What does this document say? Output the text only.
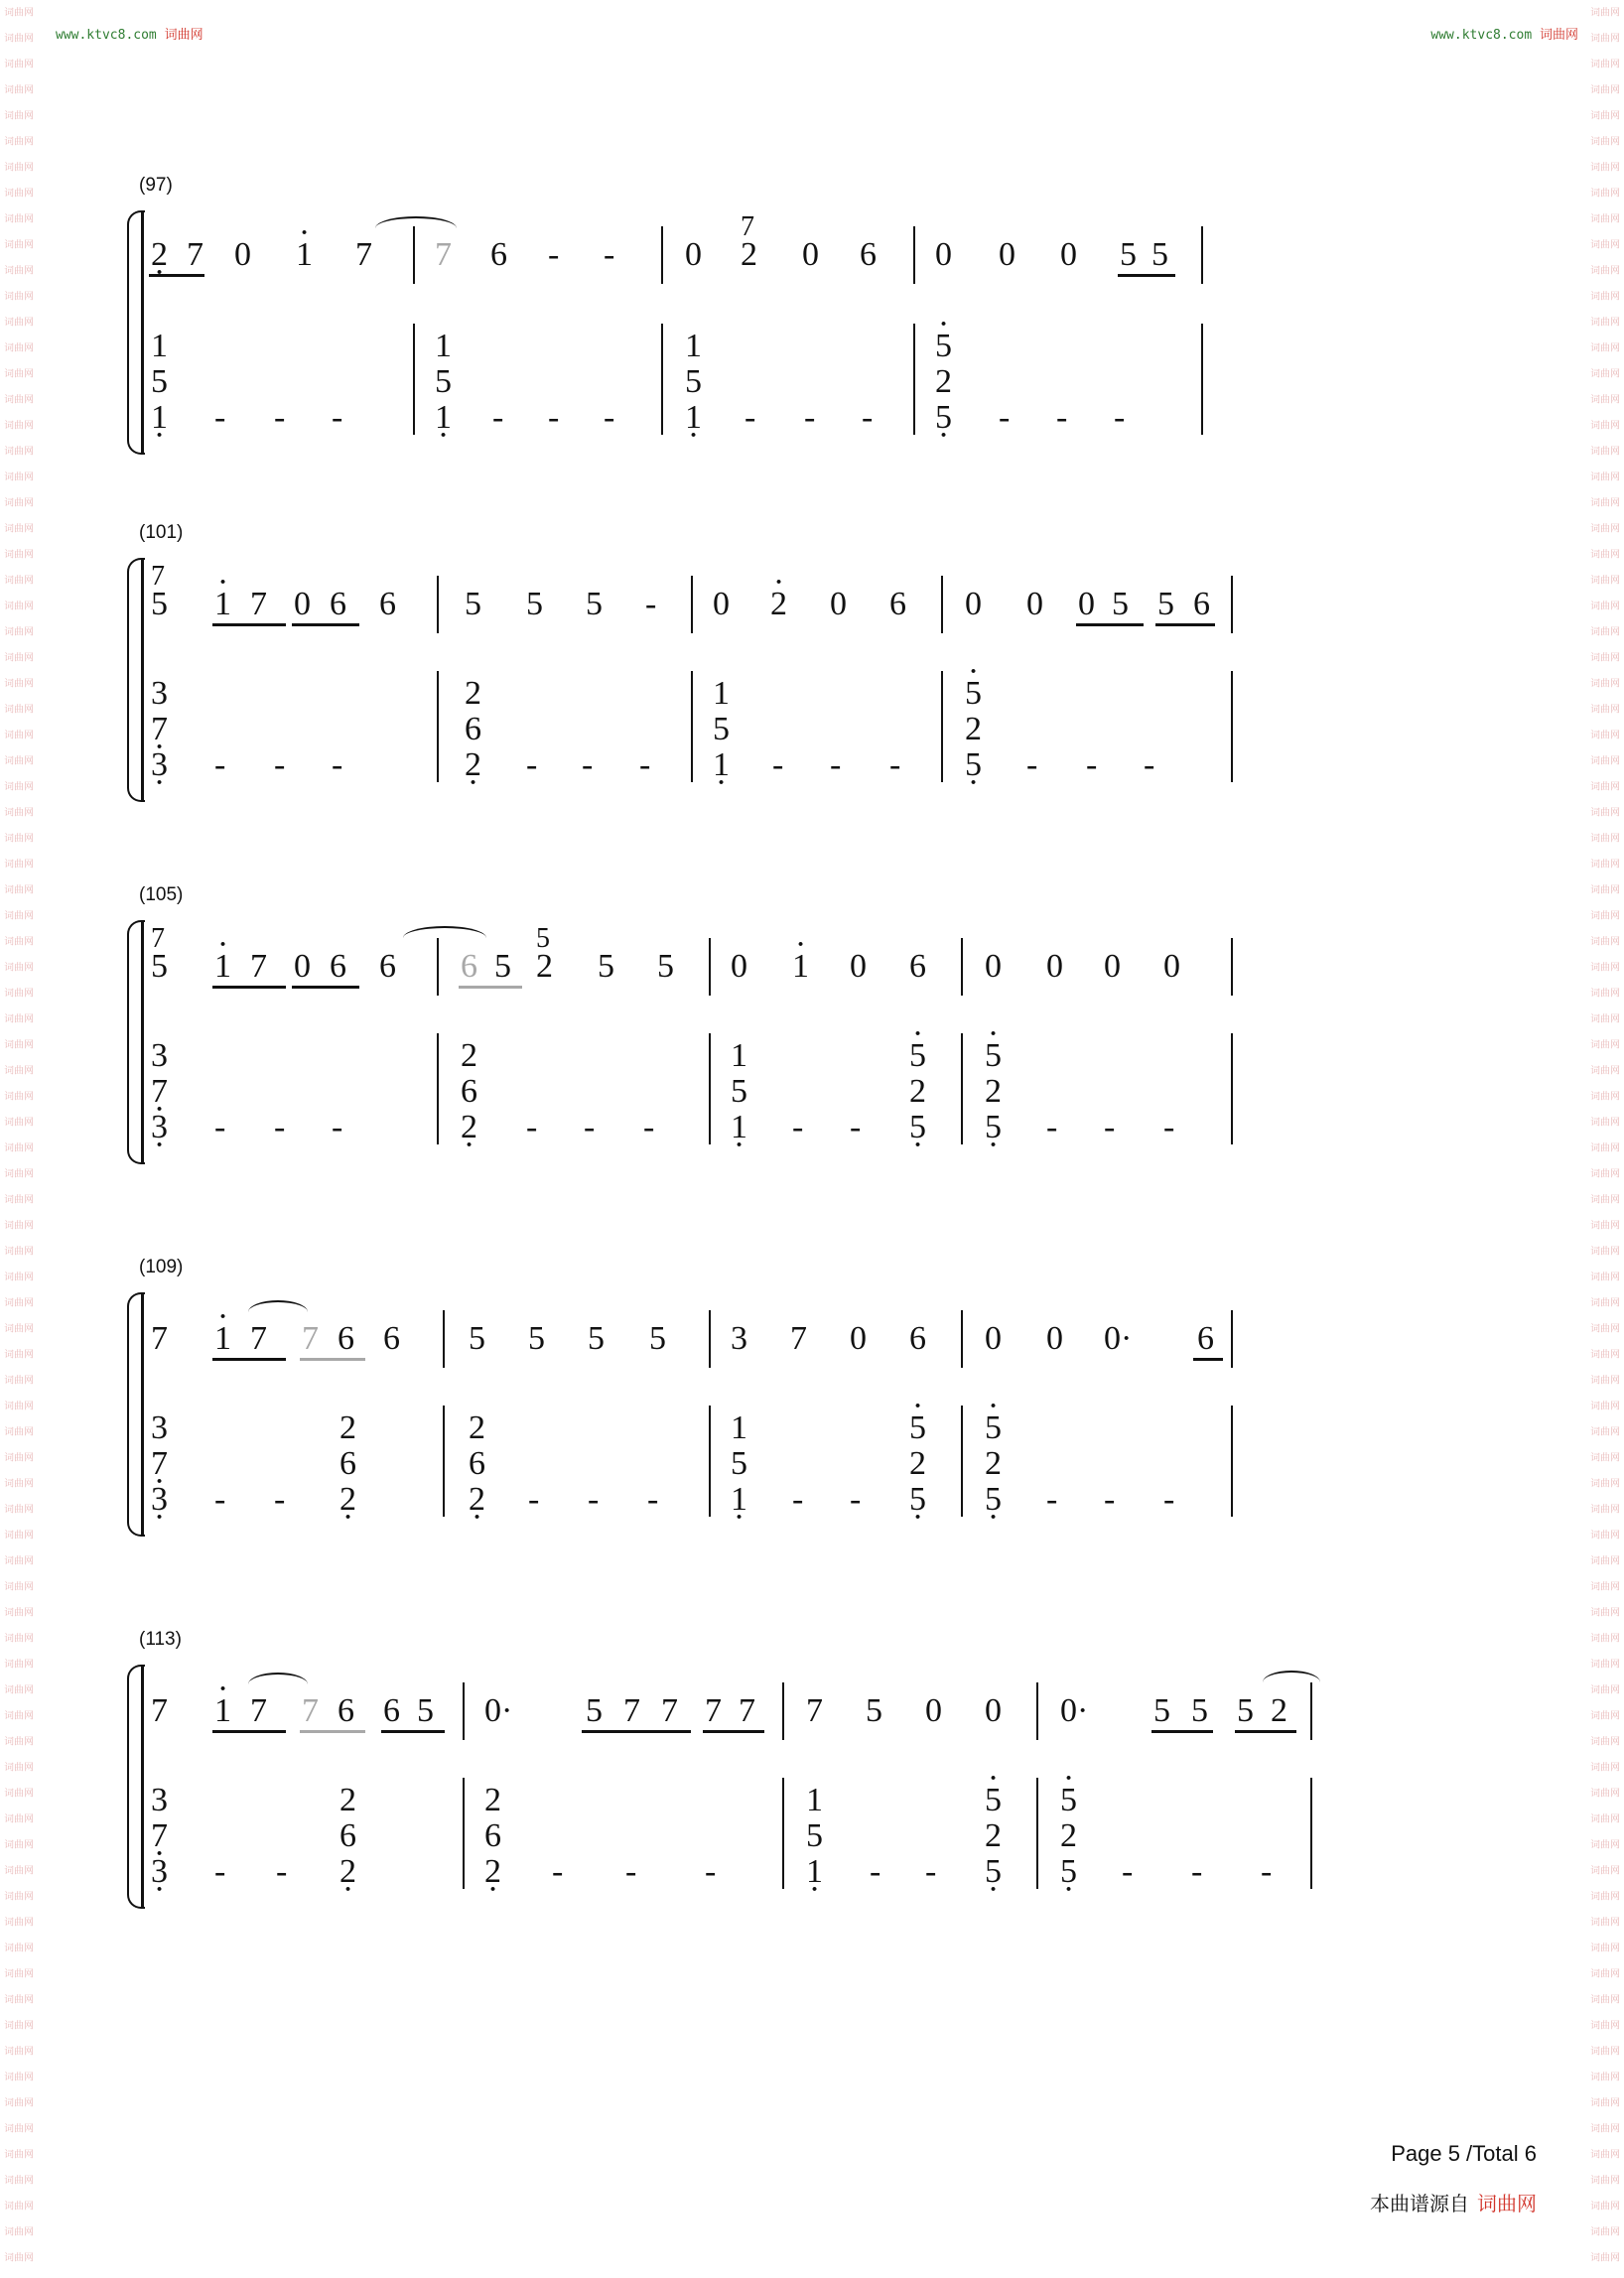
词曲网
词曲网
词曲网
词曲网
词曲网
词曲网
词曲网
词曲网
词曲网
词曲网
词曲网
词曲网
词曲网
词曲网
词曲网
词曲网
词曲网
词曲网
词曲网
词曲网
词曲网
词曲网
词曲网
词曲网
词曲网
词曲网
词曲网
词曲网
词曲网
词曲网
词曲网
词曲网
词曲网
词曲网
词曲网
词曲网
词曲网
词曲网
词曲网
词曲网
词曲网
词曲网
词曲网
词曲网
词曲网
词曲网
词曲网
词曲网
词曲网
词曲网
词曲网
词曲网
词曲网
词曲网
词曲网
词曲网
词曲网
词曲网
词曲网
词曲网
词曲网
词曲网
词曲网
词曲网
词曲网
词曲网
词曲网
词曲网
词曲网
词曲网
词曲网
词曲网
词曲网
词曲网
词曲网
词曲网
词曲网
词曲网
词曲网
词曲网
词曲网
词曲网
词曲网
词曲网
词曲网
词曲网
词曲网
词曲网
词曲网
词曲网
词曲网
词曲网
词曲网
词曲网
词曲网
词曲网
词曲网
词曲网
词曲网
词曲网
词曲网
词曲网
词曲网
词曲网
词曲网
词曲网
词曲网
词曲网
词曲网
词曲网
词曲网
词曲网
词曲网
词曲网
词曲网
词曲网
词曲网
词曲网
词曲网
词曲网
词曲网
词曲网
词曲网
词曲网
词曲网
词曲网
词曲网
词曲网
词曲网
词曲网
词曲网
词曲网
词曲网
词曲网
词曲网
词曲网
词曲网
词曲网
词曲网
词曲网
词曲网
词曲网
词曲网
词曲网
词曲网
词曲网
词曲网
词曲网
词曲网
词曲网
词曲网
词曲网
词曲网
词曲网
词曲网
词曲网
词曲网
词曲网
词曲网
词曲网
词曲网
词曲网
词曲网
词曲网
词曲网
词曲网
词曲网
词曲网
词曲网
词曲网
词曲网
词曲网
词曲网
词曲网
词曲网
词曲网
www.ktvc8.com 词曲网	www.ktvc8.com 词曲网
(97)
· 2 7 0 1 · 7 7 6 - - 0
7
2 0 6 0 0 0 5 5
1
5
· 1 - - -
1
5
· 1 - - -
1
5
· 1 - - -
5 ·
2
· 5 - - -
(101)
7
5 1 · 7 0 6 6 5 5 5 - 0 2 · 0 6 0 0 0 5 5 6
3
· 7
· 3 - - -
2
6
· 2 - - -
1
5
· 1 - - -
5 ·
2
· 5 - - -
(105)
7
5 1 · 7 0 6 6 6 5
5
2 5 5 0 1 · 0 6 0 0 0 0
3
· 7
· 3 - - -
2
6
· 2 - - -
1
5
· 1 - -
5 ·
2
· 5
5 ·
2
· 5 - - -
(109)
7 1 · 7 7 6 6 5 5 5 5 3 7 0 6 0 0 0· 6
3
· 7
· 3 - -
2
6
· 2
2
6
· 2 - - -
1
5
· 1 - -
5 ·
2
· 5
5 ·
2
· 5 - - -
(113)
7 1 · 7 7 6 6 5 0· 5 7 7 7 7 7 5 0 0 0· 5 5 5 2
3
· 7
· 3 - -
2
6
· 2
2
6
· 2 - - -
1
5
· 1 - -
5 ·
2
· 5
5 ·
2
· 5 - - -
Page 5 /Total 6
本曲谱源自 词曲网
